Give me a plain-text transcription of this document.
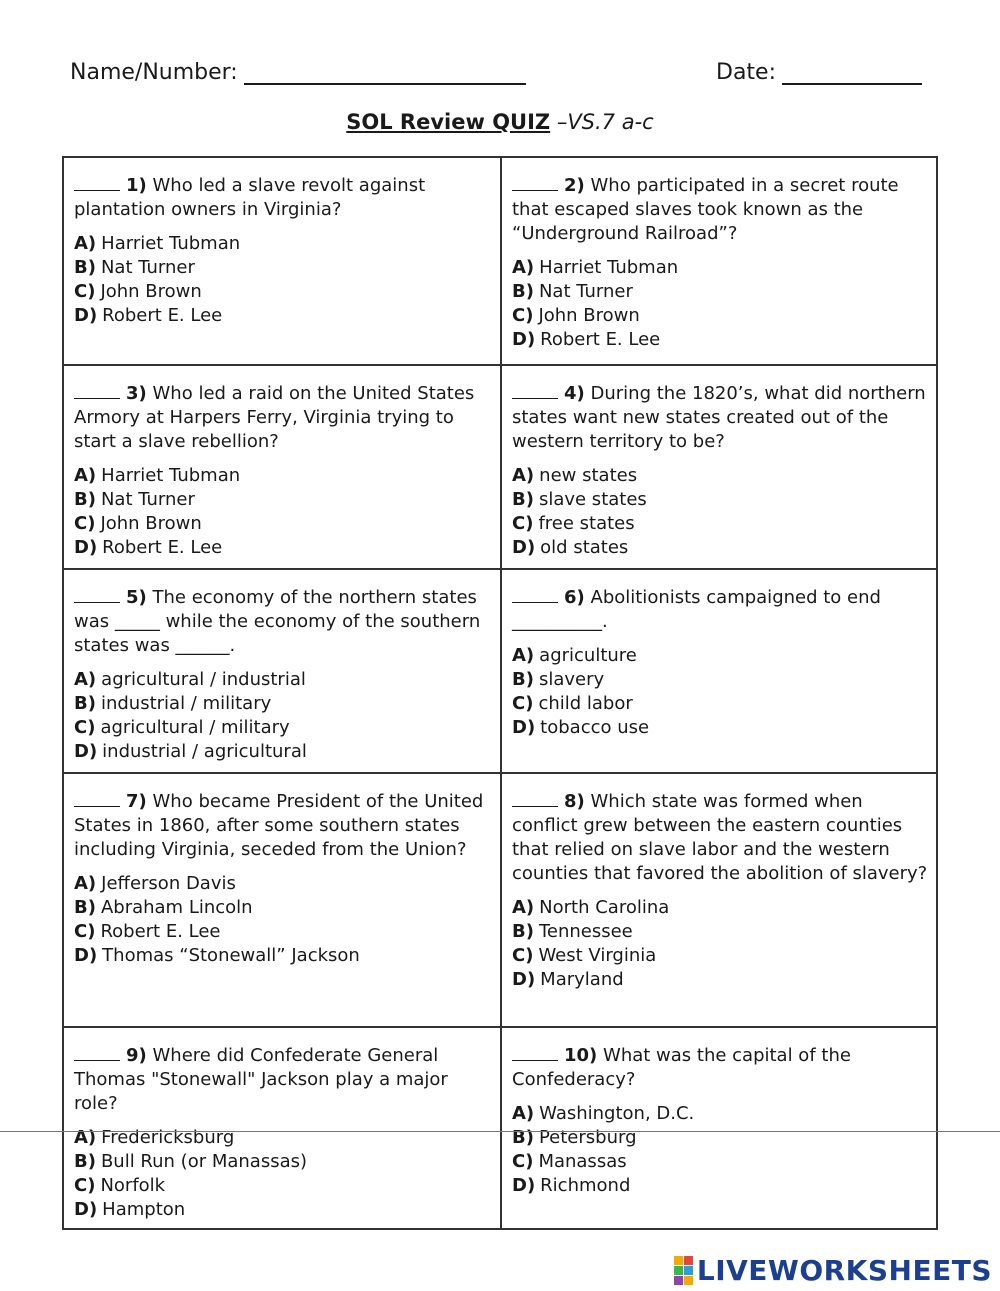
Name/Number:	Date:
SOL Review QUIZ –VS.7 a-c
1) Who led a slave revolt against plantation owners in Virginia?
A) Harriet Tubman
B) Nat Turner
C) John Brown
D) Robert E. Lee
2) Who participated in a secret route that escaped slaves took known as the “Underground Railroad”?
A) Harriet Tubman
B) Nat Turner
C) John Brown
D) Robert E. Lee
3) Who led a raid on the United States Armory at Harpers Ferry, Virginia trying to start a slave rebellion?
A) Harriet Tubman
B) Nat Turner
C) John Brown
D) Robert E. Lee
4) During the 1820’s, what did northern states want new states created out of the western territory to be?
A) new states
B) slave states
C) free states
D) old states
5) The economy of the northern states was _____ while the economy of the southern states was ______.
A) agricultural / industrial
B) industrial / military
C) agricultural / military
D) industrial / agricultural
6) Abolitionists campaigned to end __________.
A) agriculture
B) slavery
C) child labor
D) tobacco use
7) Who became President of the United States in 1860, after some southern states including Virginia, seceded from the Union?
A) Jefferson Davis
B) Abraham Lincoln
C) Robert E. Lee
D) Thomas “Stonewall” Jackson
8) Which state was formed when conflict grew between the eastern counties that relied on slave labor and the western counties that favored the abolition of slavery?
A) North Carolina
B) Tennessee
C) West Virginia
D) Maryland
9) Where did Confederate General Thomas "Stonewall" Jackson play a major role?
A) Fredericksburg
B) Bull Run (or Manassas)
C) Norfolk
D) Hampton
10) What was the capital of the Confederacy?
A) Washington, D.C.
B) Petersburg
C) Manassas
D) Richmond
LIVEWORKSHEETS
